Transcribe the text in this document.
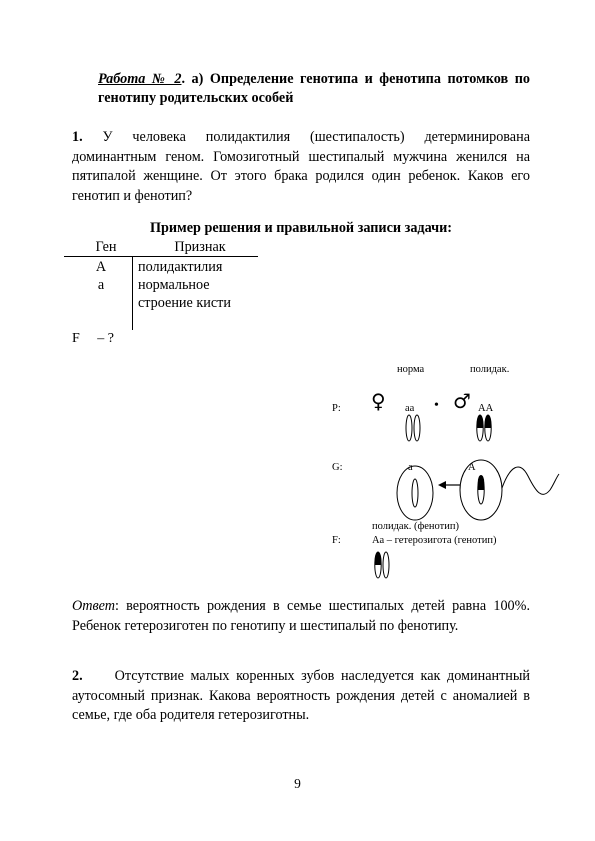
Работа № 2. а) Определение генотипа и фенотипа потомков по генотипу родительских особей
1. У человека полидактилия (шестипалость) детерминирована доминантным геном. Гомозиготный шестипалый мужчина женился на пятипалой женщине. От этого брака родился один ребенок. Каков его генотип и фенотип?
Пример решения и правильной записи задачи:
Ген	Признак
А	полидактилия
а	нормальное
строение кисти
F     – ?
норма	полидак.
P: ♀ аа • ♂ АА
G:	а	А
полидак. (фенотип)
F:	Аа – гетерозигота (генотип)
Ответ: вероятность рождения в семье шестипалых детей равна 100%. Ребенок гетерозиготен по генотипу и шестипалый по фенотипу.
2. Отсутствие малых коренных зубов наследуется как доминантный аутосомный признак. Какова вероятность рождения детей с аномалией в семье, где оба родителя гетерозиготны.
9
